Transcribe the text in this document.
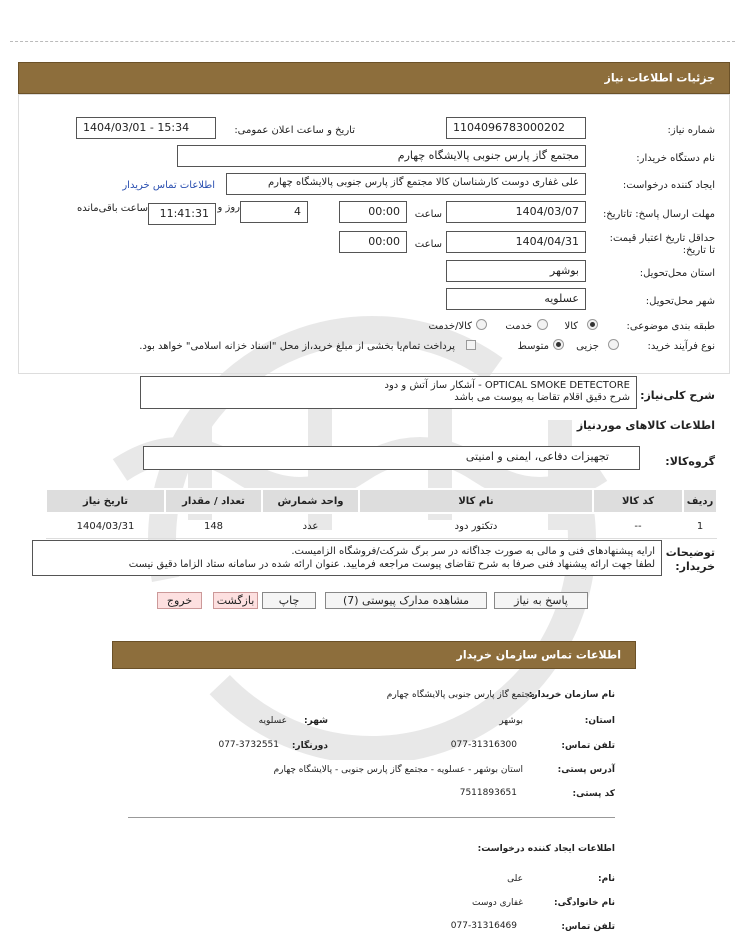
جزئیات اطلاعات نیاز
شماره نیاز:
1104096783000202
تاریخ و ساعت اعلان عمومی:
1404/03/01 - 15:34
نام دستگاه خریدار:
مجتمع گاز پارس جنوبی پالایشگاه چهارم
ایجاد کننده درخواست:
علی غفاری دوست کارشناسان کالا مجتمع گاز پارس جنوبی پالایشگاه چهارم
اطلاعات تماس خریدار
مهلت ارسال پاسخ: تاتاریخ:
1404/03/07
ساعت
00:00
4
روز و
11:41:31
ساعت باقی‌مانده
حداقل تاریخ اعتبار قیمت: تا تاریخ:
1404/04/31
ساعت
00:00
استان محل‌تحویل:
بوشهر
شهر محل‌تحویل:
عسلویه
طبقه بندی موضوعی:
کالا
خدمت
کالا/خدمت
نوع فرآیند خرید:
جزیی
متوسط
پرداخت تمام‌یا بخشی از مبلغ خرید،از محل "اسناد خزانه اسلامی" خواهد بود.
شرح کلی‌نیاز:
OPTICAL SMOKE DETECTORE - آشکار ساز آتش و دود
شرح دقیق اقلام تقاضا به پیوست می باشد
اطلاعات کالاهای موردنیاز
گروه‌کالا:
تجهیزات دفاعی، ایمنی و امنیتی
ردیف	کد کالا	نام کالا	واحد شمارش	تعداد / مقدار	تاریخ نیاز
1	--	دتکتور دود	عدد	148	1404/03/31
توضیحات
خریدار:
ارایه پیشنهادهای فنی و مالی به صورت جداگانه در سر برگ شرکت/فروشگاه الزامیست.
لطفا جهت ارائه پیشنهاد فنی صرفا به شرح تقاضای پیوست مراجعه فرمایید. عنوان ارائه شده در سامانه ستاد الزاما دقیق نیست
پاسخ به نیاز
مشاهده مدارک پیوستی (7)
چاپ
بازگشت
خروج
اطلاعات تماس سازمان خریدار
نام سازمان خریدار:
مجتمع گاز پارس جنوبی پالایشگاه چهارم
استان:
بوشهر
شهر:
عسلویه
تلفن تماس:
077-31316300
دورنگار:
077-3732551
آدرس پستی:
استان بوشهر - عسلویه - مجتمع گاز پارس جنوبی - پالایشگاه چهارم
کد پستی:
7511893651
اطلاعات ایجاد کننده درخواست:
نام:
علی
نام خانوادگی:
غفاری دوست
تلفن تماس:
077-31316469
